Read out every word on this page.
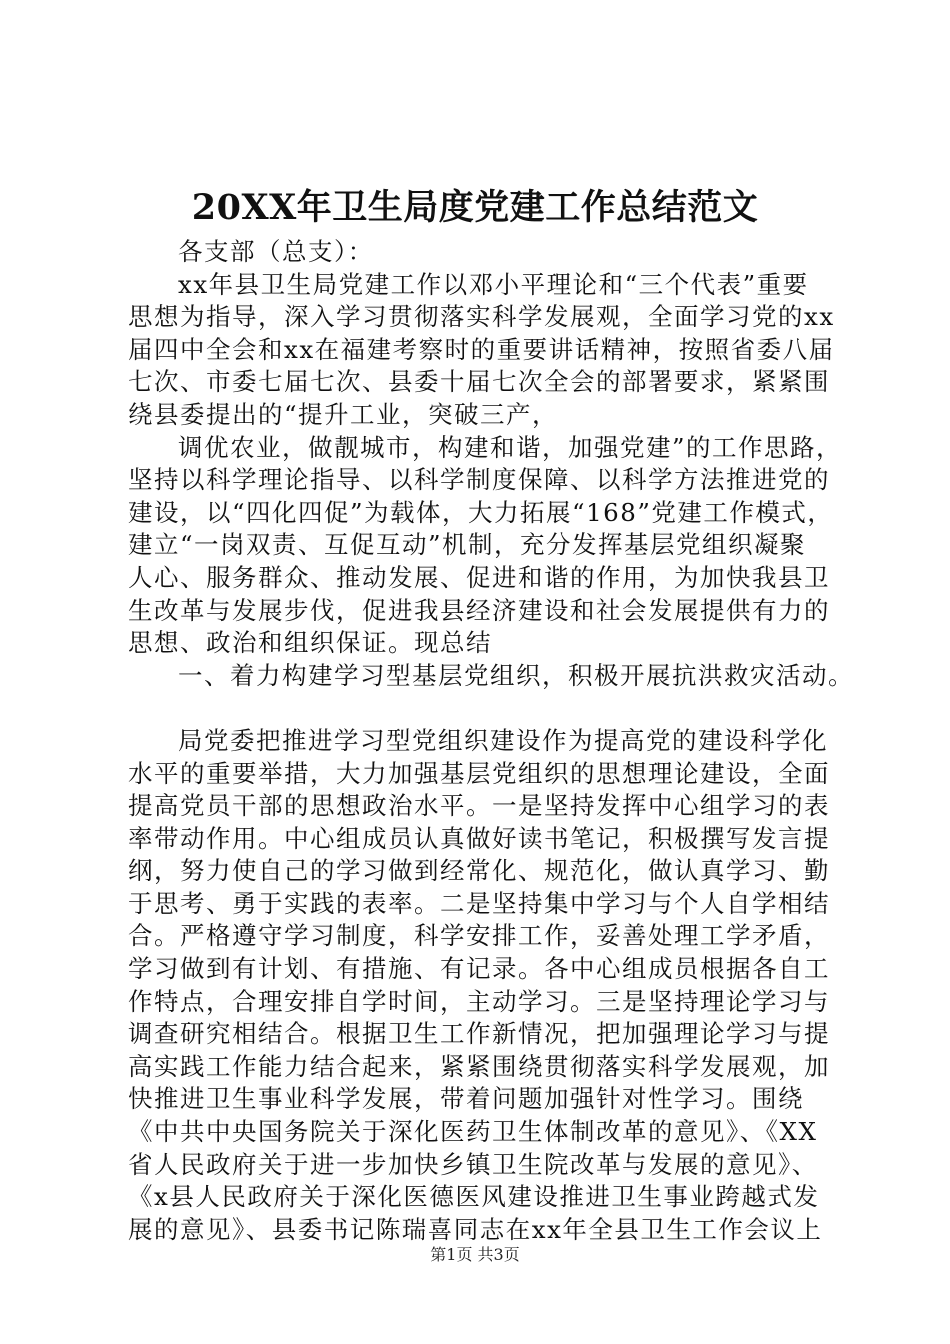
20XX年卫生局度党建工作总结范文
各支部（总支）：
xx年县卫生局党建工作以邓小平理论和“三个代表”重要
思想为指导，深入学习贯彻落实科学发展观，全面学习党的xx
届四中全会和xx在福建考察时的重要讲话精神，按照省委八届
七次、市委七届七次、县委十届七次全会的部署要求，紧紧围
绕县委提出的“提升工业，突破三产，
调优农业，做靓城市，构建和谐，加强党建”的工作思路，
坚持以科学理论指导、以科学制度保障、以科学方法推进党的
建设，以“四化四促”为载体，大力拓展“168”党建工作模式，
建立“一岗双责、互促互动”机制，充分发挥基层党组织凝聚
人心、服务群众、推动发展、促进和谐的作用，为加快我县卫
生改革与发展步伐，促进我县经济建设和社会发展提供有力的
思想、政治和组织保证。现总结
一、着力构建学习型基层党组织，积极开展抗洪救灾活动。
局党委把推进学习型党组织建设作为提高党的建设科学化
水平的重要举措，大力加强基层党组织的思想理论建设，全面
提高党员干部的思想政治水平。一是坚持发挥中心组学习的表
率带动作用。中心组成员认真做好读书笔记，积极撰写发言提
纲，努力使自己的学习做到经常化、规范化，做认真学习、勤
于思考、勇于实践的表率。二是坚持集中学习与个人自学相结
合。严格遵守学习制度，科学安排工作，妥善处理工学矛盾，
学习做到有计划、有措施、有记录。各中心组成员根据各自工
作特点，合理安排自学时间，主动学习。三是坚持理论学习与
调查研究相结合。根据卫生工作新情况，把加强理论学习与提
高实践工作能力结合起来，紧紧围绕贯彻落实科学发展观，加
快推进卫生事业科学发展，带着问题加强针对性学习。围绕
《中共中央国务院关于深化医药卫生体制改革的意见》、《XX
省人民政府关于进一步加快乡镇卫生院改革与发展的意见》、
《x县人民政府关于深化医德医风建设推进卫生事业跨越式发
展的意见》、县委书记陈瑞喜同志在xx年全县卫生工作会议上
第1页 共3页
